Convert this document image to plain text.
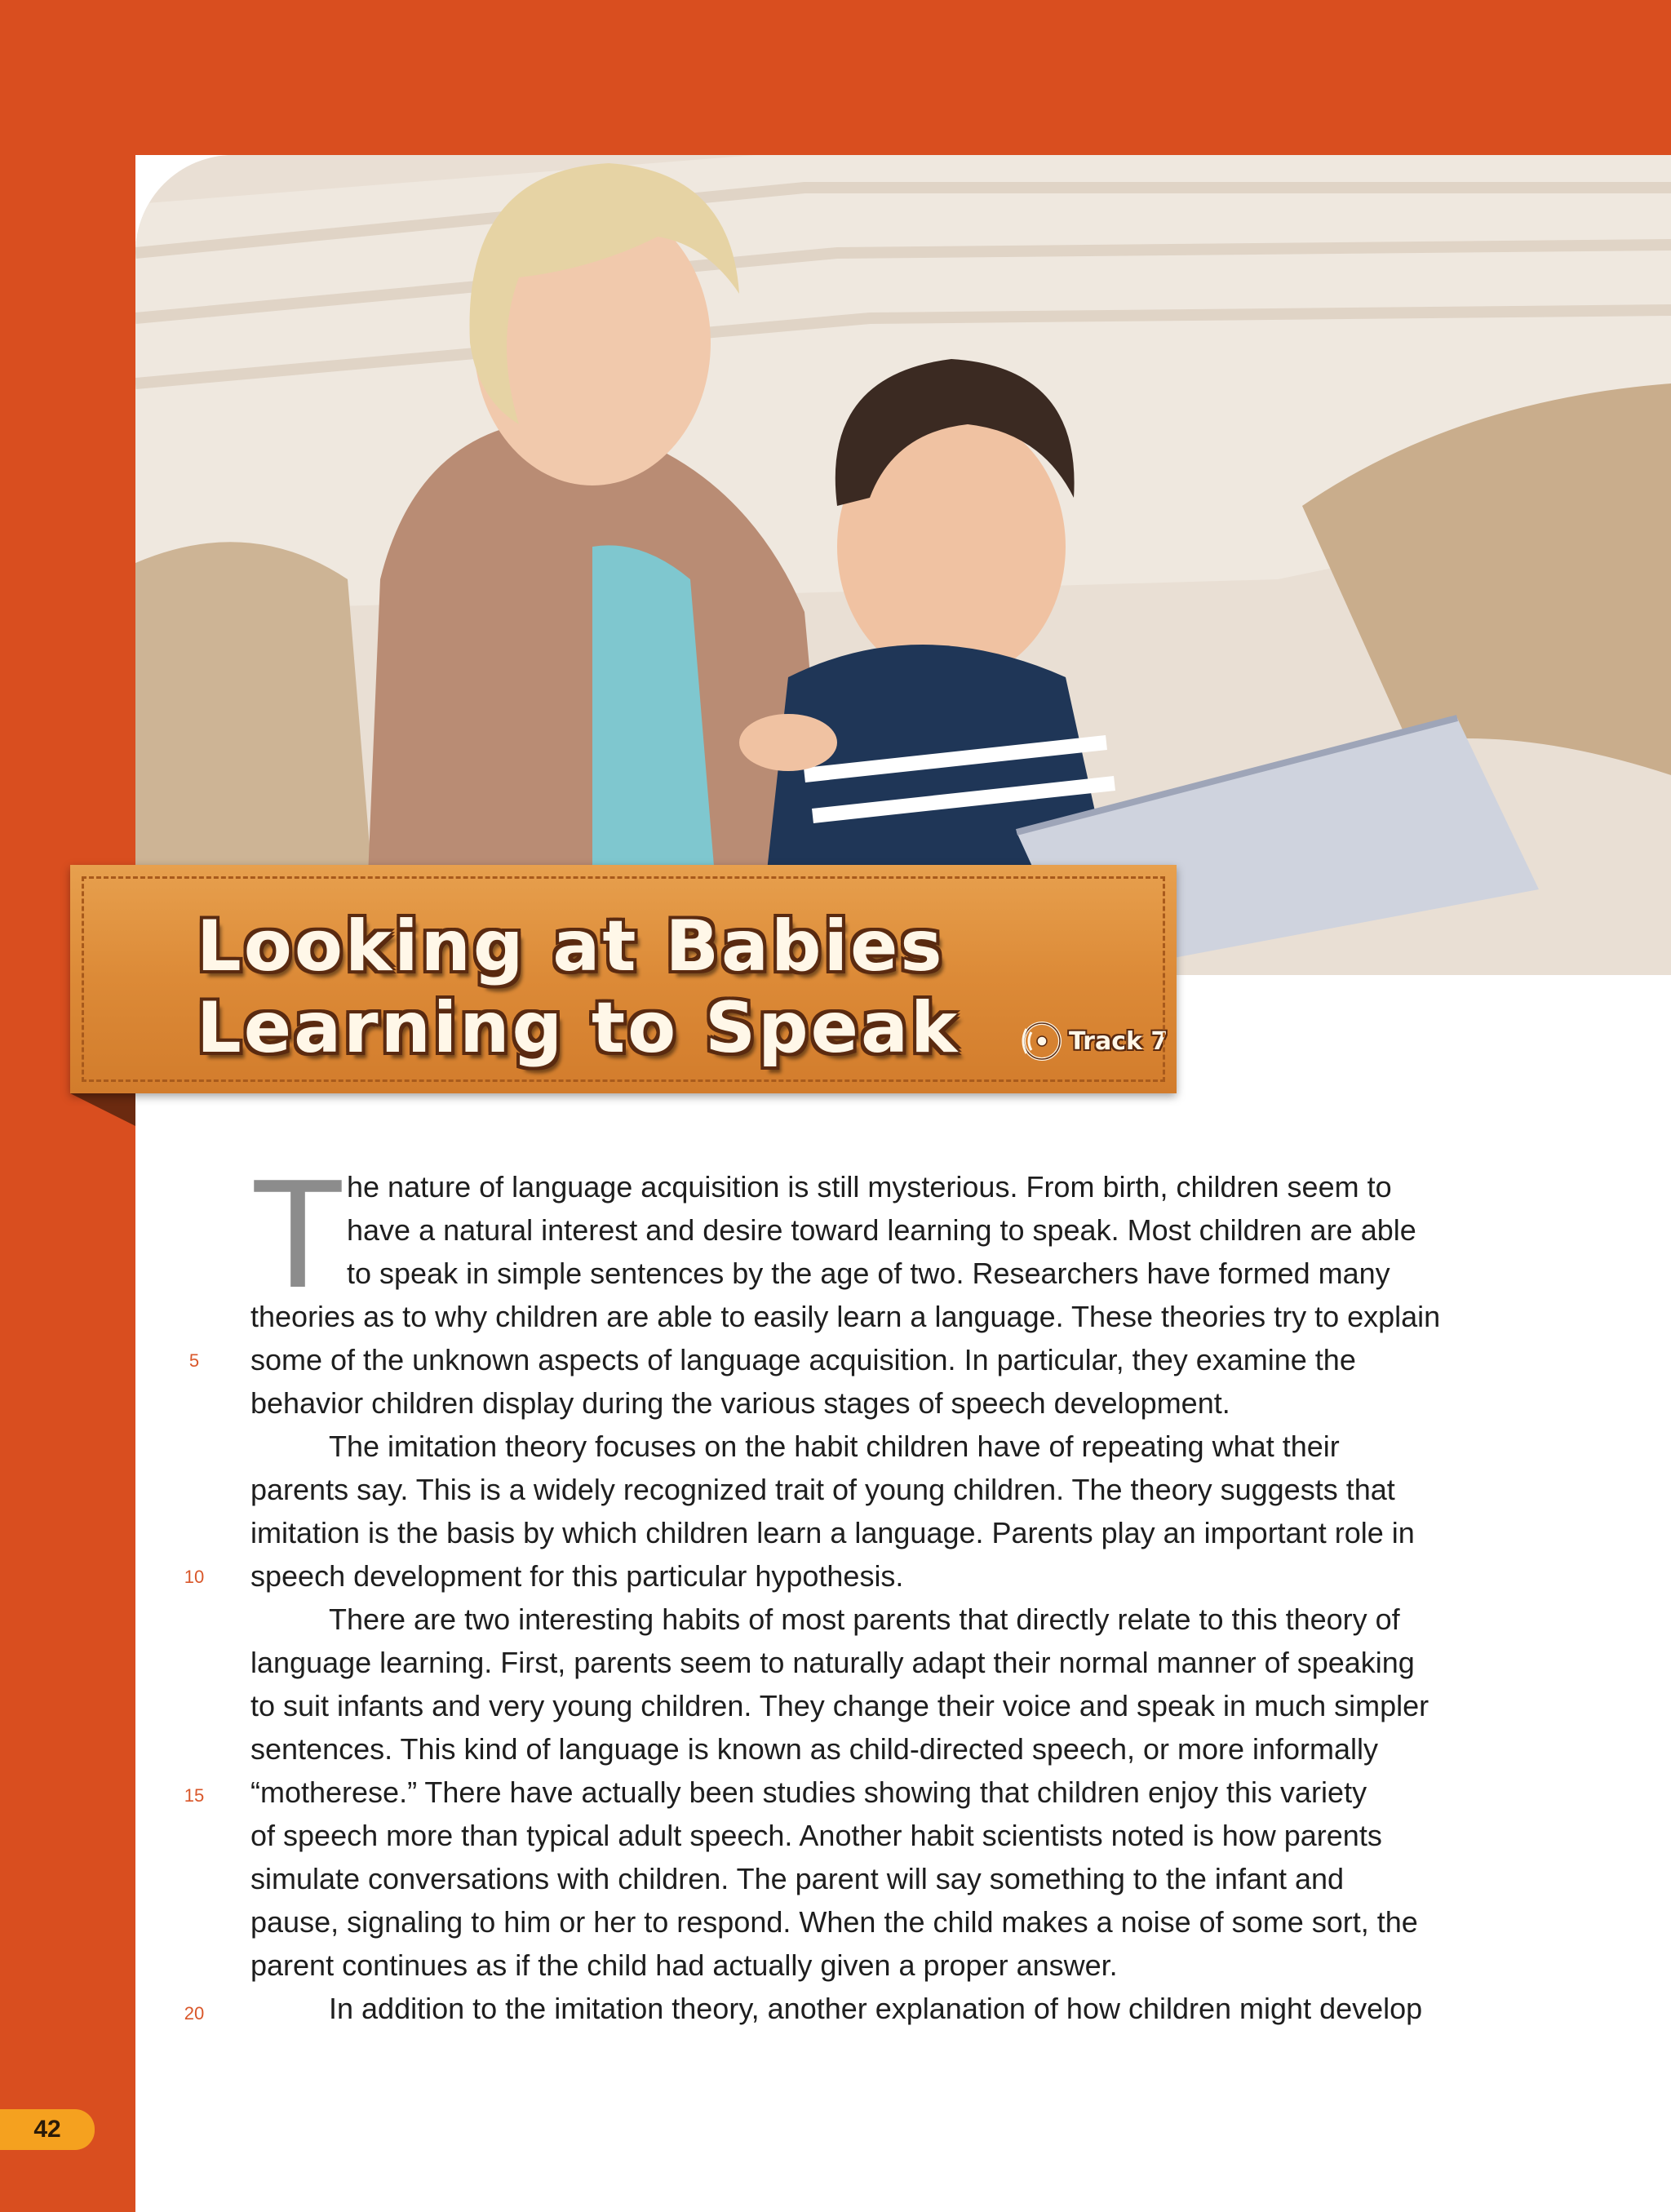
Looking at Babies
Learning to Speak	Track 7
T he nature of language acquisition is still mysterious. From birth, children seem to

have a natural interest and desire toward learning to speak. Most children are able

to speak in simple sentences by the age of two. Researchers have formed many

theories as to why children are able to easily learn a language. These theories try to explain

some of the unknown aspects of language acquisition. In particular, they examine the

behavior children display during the various stages of speech development.

The imitation theory focuses on the habit children have of repeating what their

parents say. This is a widely recognized trait of young children. The theory suggests that

imitation is the basis by which children learn a language. Parents play an important role in

speech development for this particular hypothesis.

There are two interesting habits of most parents that directly relate to this theory of

language learning. First, parents seem to naturally adapt their normal manner of speaking

to suit infants and very young children. They change their voice and speak in much simpler

sentences. This kind of language is known as child-directed speech, or more informally

“motherese.” There have actually been studies showing that children enjoy this variety

of speech more than typical adult speech. Another habit scientists noted is how parents

simulate conversations with children. The parent will say something to the infant and

pause, signaling to him or her to respond. When the child makes a noise of some sort, the

parent continues as if the child had actually given a proper answer.

In addition to the imitation theory, another explanation of how children might develop

5
10
15
20
42
